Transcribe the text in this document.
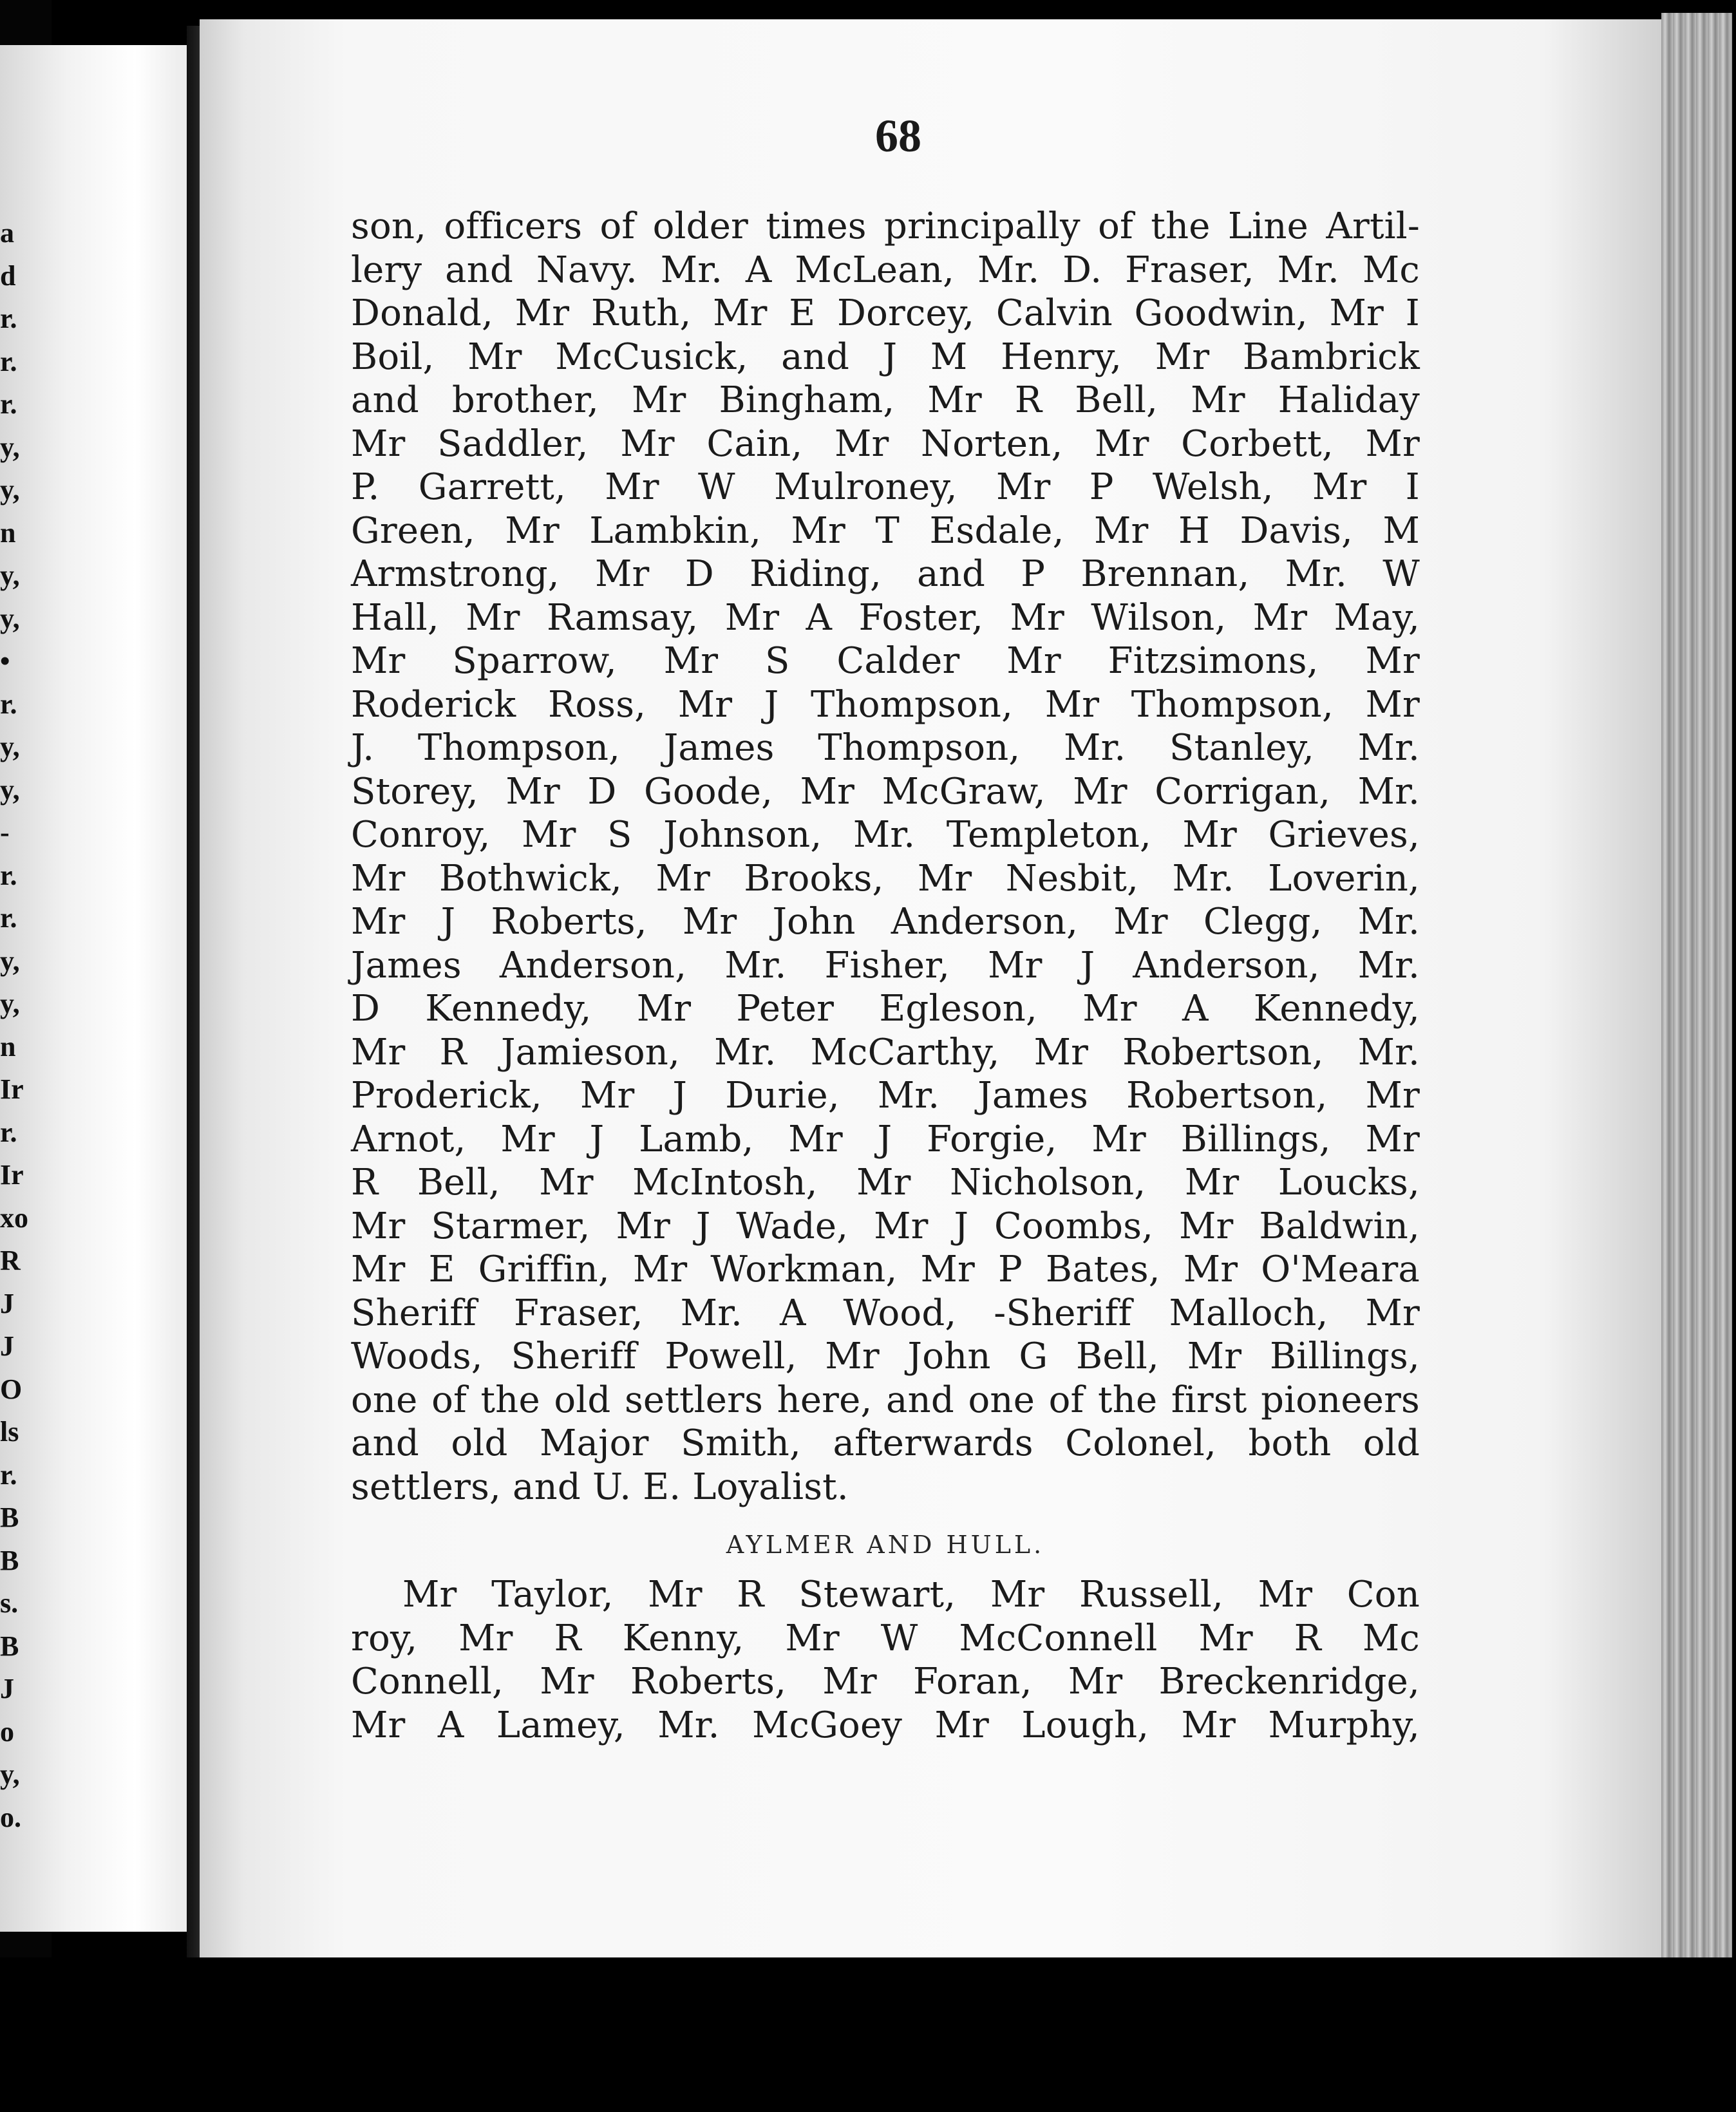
a
d
r.
r.
r.
y,
y,
n
y,
y,
•
r.
y,
y,
-
r.
r.
y,
y,
n
Ir
r.
Ir
xo
R
J
J
O
ls
r.
B
B
s.
B
J
o
y,
o.
68
son, officers of older times principally of the Line Artil-
lery and Navy. Mr. A McLean, Mr. D. Fraser, Mr. Mc
Donald, Mr Ruth, Mr E Dorcey, Calvin Goodwin, Mr I
Boil, Mr McCusick, and J M Henry, Mr Bambrick
and brother, Mr Bingham, Mr R Bell, Mr Haliday
Mr Saddler, Mr Cain, Mr Norten, Mr Corbett, Mr
P. Garrett, Mr W Mulroney, Mr P Welsh, Mr I
Green, Mr Lambkin, Mr T Esdale, Mr H Davis, M
Armstrong, Mr D Riding, and P Brennan, Mr. W
Hall, Mr Ramsay, Mr A Foster, Mr Wilson, Mr May,
Mr Sparrow, Mr S Calder Mr Fitzsimons, Mr
Roderick Ross, Mr J Thompson, Mr Thompson, Mr
J. Thompson, James Thompson, Mr. Stanley, Mr.
Storey, Mr D Goode, Mr McGraw, Mr Corrigan, Mr.
Conroy, Mr S Johnson, Mr. Templeton, Mr Grieves,
Mr Bothwick, Mr Brooks, Mr Nesbit, Mr. Loverin,
Mr J Roberts, Mr John Anderson, Mr Clegg, Mr.
James Anderson, Mr. Fisher, Mr J Anderson, Mr.
D Kennedy, Mr Peter Egleson, Mr A Kennedy,
Mr R Jamieson, Mr. McCarthy, Mr Robertson, Mr.
Proderick, Mr J Durie, Mr. James Robertson, Mr
Arnot, Mr J Lamb, Mr J Forgie, Mr Billings, Mr
R Bell, Mr McIntosh, Mr Nicholson, Mr Loucks,
Mr Starmer, Mr J Wade, Mr J Coombs, Mr Baldwin,
Mr E Griffin, Mr Workman, Mr P Bates, Mr O'Meara
Sheriff Fraser, Mr. A Wood, -Sheriff Malloch, Mr
Woods, Sheriff Powell, Mr John G Bell, Mr Billings,
one of the old settlers here, and one of the first pioneers
and old Major Smith, afterwards Colonel, both old
settlers, and U. E. Loyalist.
AYLMER AND HULL.
Mr Taylor, Mr R Stewart, Mr Russell, Mr Con
roy, Mr R Kenny, Mr W McConnell Mr R Mc
Connell, Mr Roberts, Mr Foran, Mr Breckenridge,
Mr A Lamey, Mr. McGoey Mr Lough, Mr Murphy,
